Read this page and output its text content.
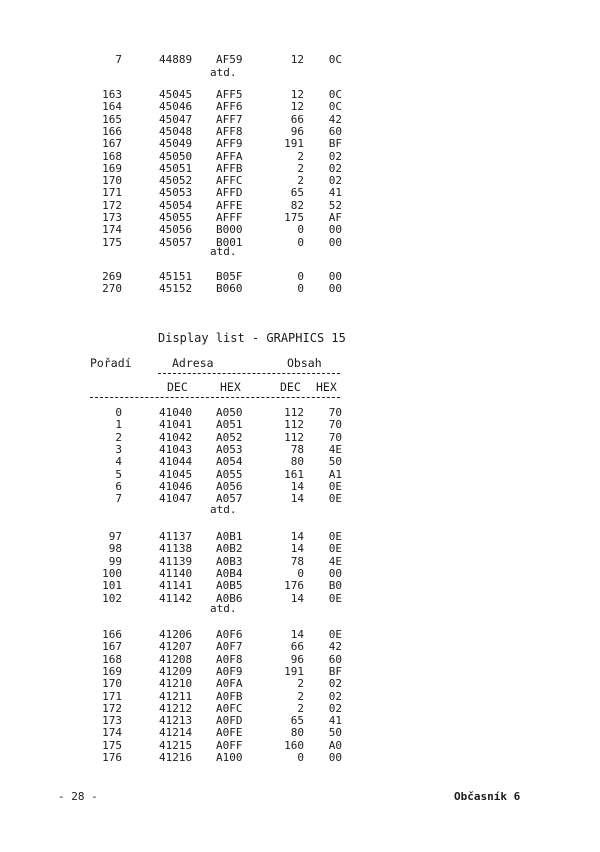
7	44889 AF59	12	0C
atd.
163	45045 AFF5	12	0C
164	45046 AFF6	12	0C
165	45047 AFF7	66	42
166	45048 AFF8	96	60
167	45049 AFF9	191	BF
168	45050 AFFA	2	02
169	45051 AFFB	2	02
170	45052 AFFC	2	02
171	45053 AFFD	65	41
172	45054 AFFE	82	52
173	45055 AFFF	175	AF
174	45056 B000	0	00
175	45057 B001	0	00
atd.
269	45151 B05F	0	00
270	45152 B060	0	00
Display list - GRAPHICS 15
Pořadí	Adresa	Obsah
DEC	HEX	DEC HEX
0	41040 A050	112	70
1	41041 A051	112	70
2	41042 A052	112	70
3	41043 A053	78	4E
4	41044 A054	80	50
5	41045 A055	161	A1
6	41046 A056	14	0E
7	41047 A057	14	0E
atd.
97	41137 A0B1	14	0E
98	41138 A0B2	14	0E
99	41139 A0B3	78	4E
100	41140 A0B4	0	00
101	41141 A0B5	176	B0
102	41142 A0B6	14	0E
atd.
166	41206 A0F6	14	0E
167	41207 A0F7	66	42
168	41208 A0F8	96	60
169	41209 A0F9	191	BF
170	41210 A0FA	2	02
171	41211 A0FB	2	02
172	41212 A0FC	2	02
173	41213 A0FD	65	41
174	41214 A0FE	80	50
175	41215 A0FF	160	A0
176	41216 A100	0	00
- 28 -	Občasník 6
